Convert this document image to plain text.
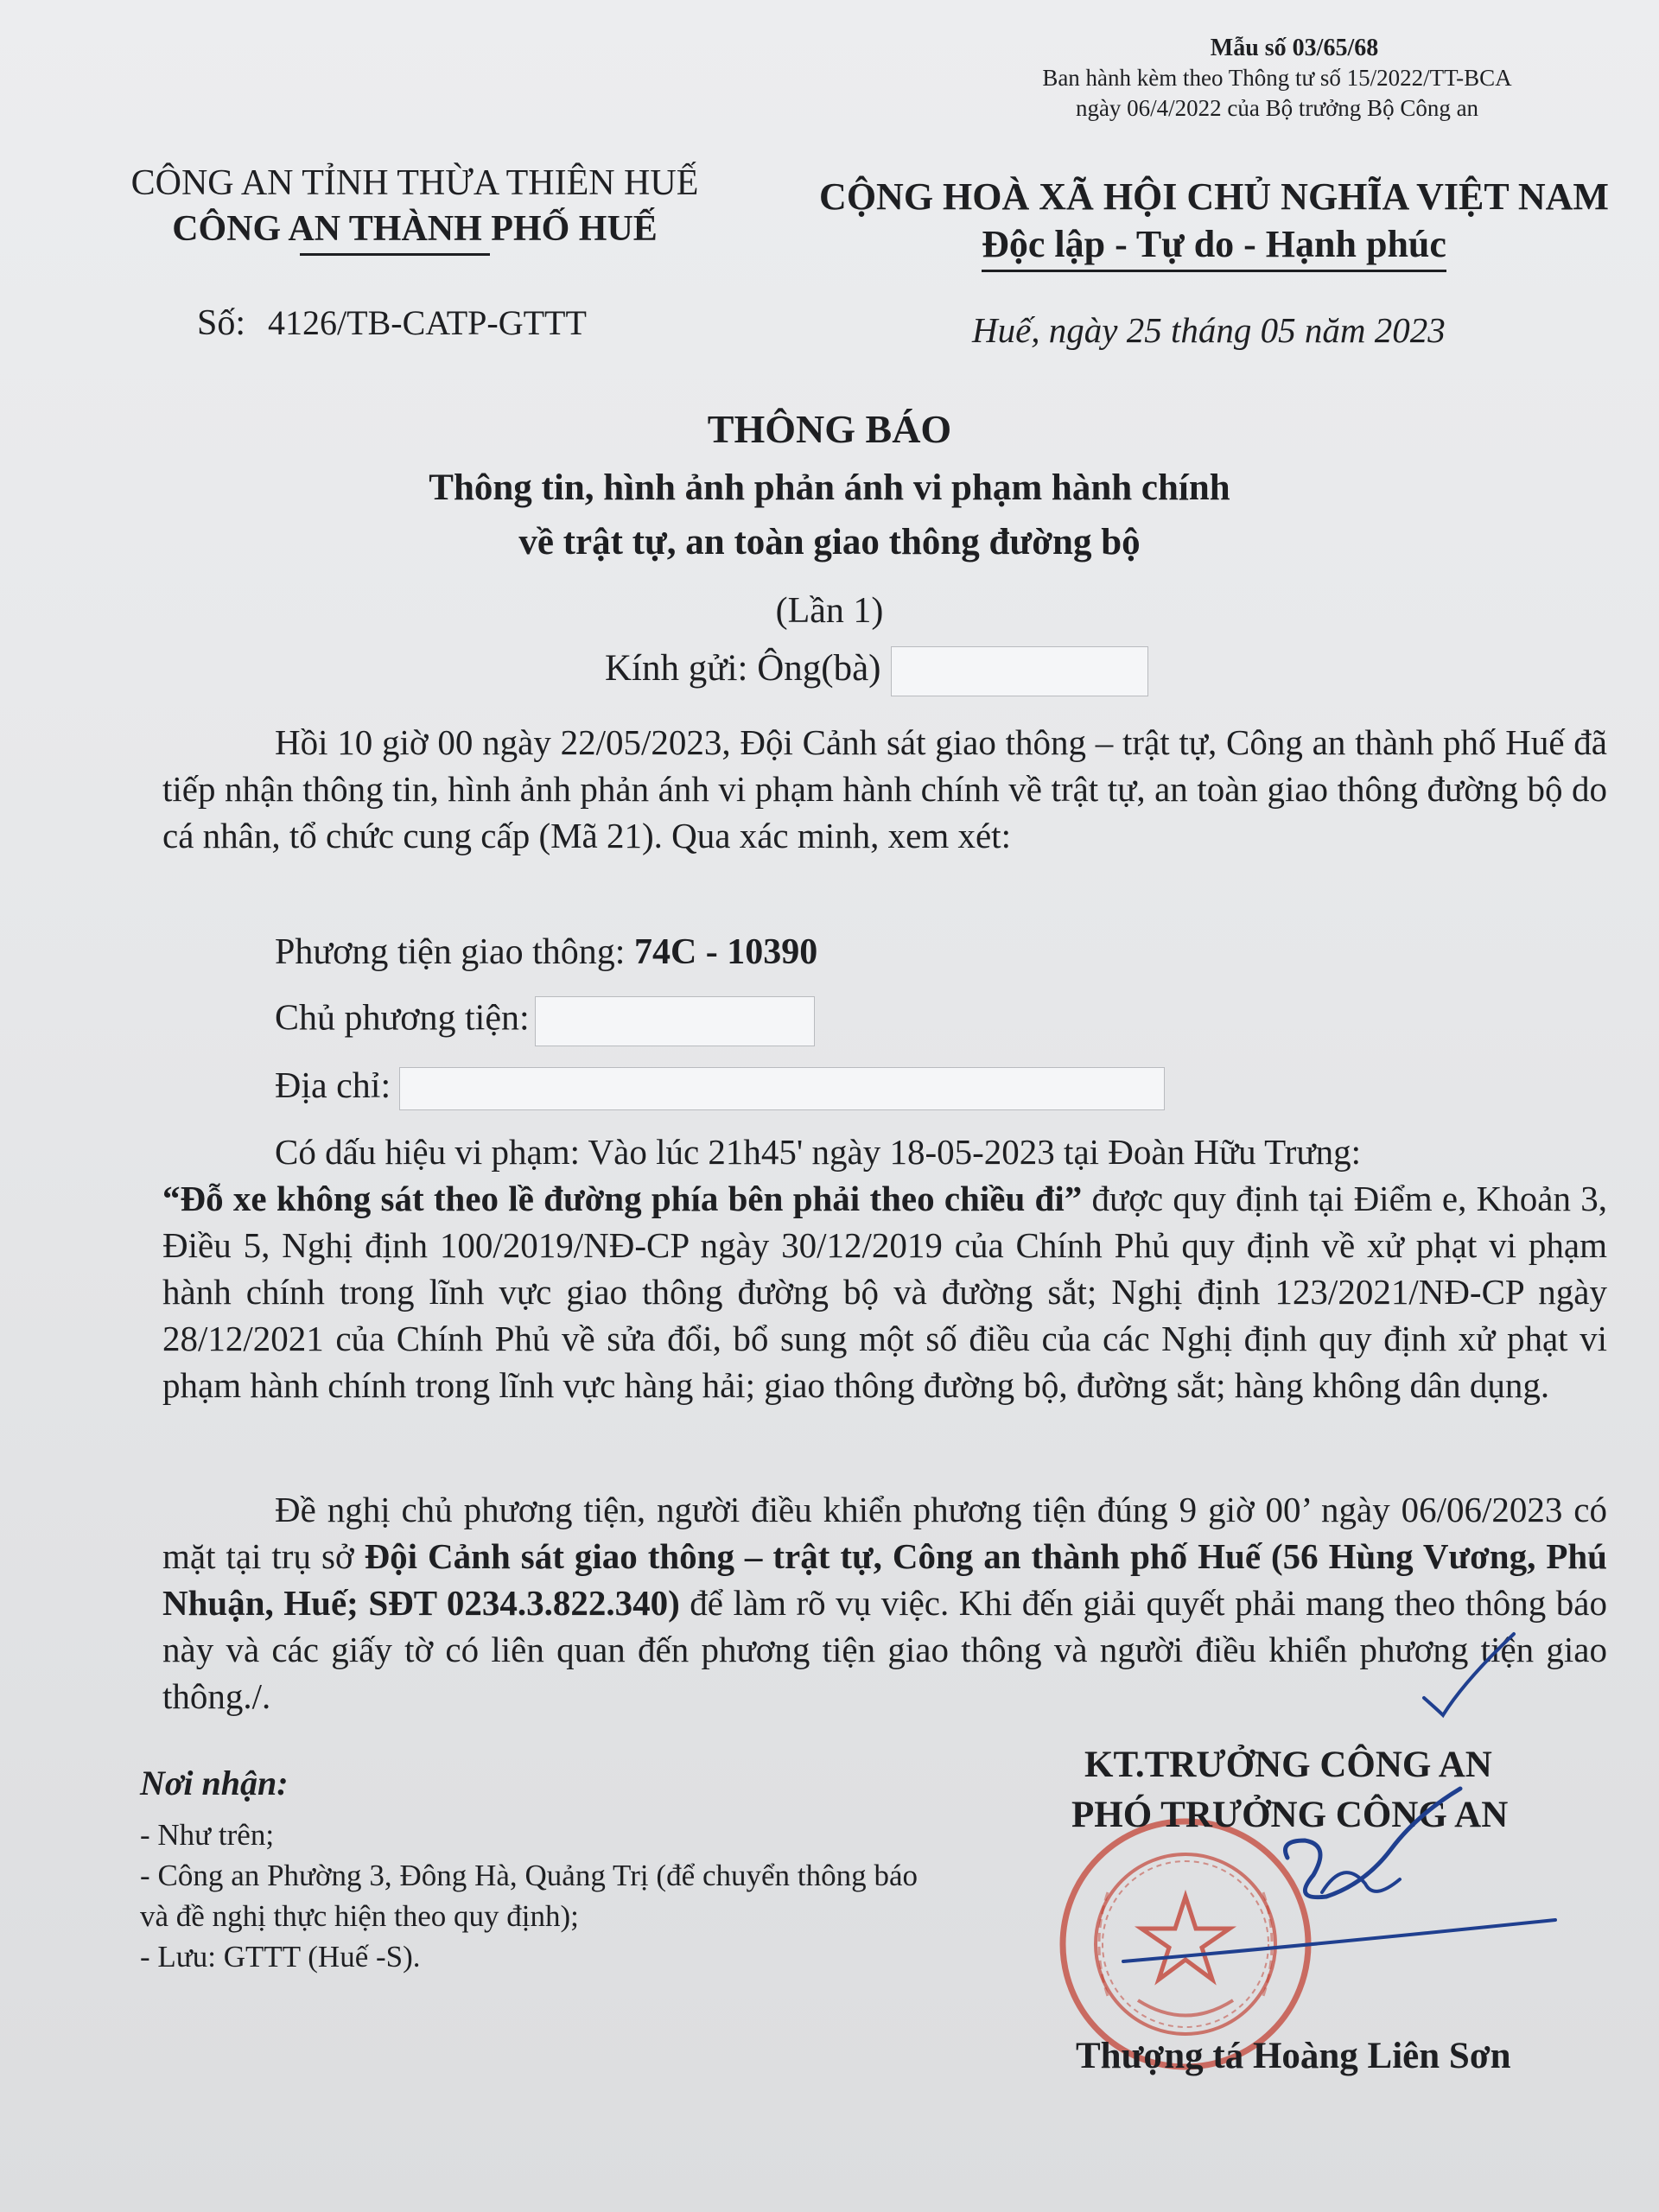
Mẫu số 03/65/68
Ban hành kèm theo Thông tư số 15/2022/TT-BCA
ngày 06/4/2022 của Bộ trưởng Bộ Công an
CÔNG AN TỈNH THỪA THIÊN HUẾ
CÔNG AN THÀNH PHỐ HUẾ
CỘNG HOÀ XÃ HỘI CHỦ NGHĨA VIỆT NAM
Độc lập - Tự do - Hạnh phúc
Số: 4126/TB-CATP-GTTT	Huế, ngày 25 tháng 05 năm 2023
THÔNG BÁO
Thông tin, hình ảnh phản ánh vi phạm hành chính
về trật tự, an toàn giao thông đường bộ
(Lần 1)
Kính gửi: Ông(bà)
Hồi 10 giờ 00 ngày 22/05/2023, Đội Cảnh sát giao thông – trật tự, Công an thành phố Huế đã tiếp nhận thông tin, hình ảnh phản ánh vi phạm hành chính về trật tự, an toàn giao thông đường bộ do cá nhân, tổ chức cung cấp (Mã 21). Qua xác minh, xem xét:
Phương tiện giao thông: 74C - 10390
Chủ phương tiện:
Địa chỉ:
Có dấu hiệu vi phạm: Vào lúc 21h45' ngày 18-05-2023 tại Đoàn Hữu Trưng:
“Đỗ xe không sát theo lề đường phía bên phải theo chiều đi” được quy định tại Điểm e, Khoản 3, Điều 5, Nghị định 100/2019/NĐ-CP ngày 30/12/2019 của Chính Phủ quy định về xử phạt vi phạm hành chính trong lĩnh vực giao thông đường bộ và đường sắt; Nghị định 123/2021/NĐ-CP ngày 28/12/2021 của Chính Phủ về sửa đổi, bổ sung một số điều của các Nghị định quy định xử phạt vi phạm hành chính trong lĩnh vực hàng hải; giao thông đường bộ, đường sắt; hàng không dân dụng.
Đề nghị chủ phương tiện, người điều khiển phương tiện đúng 9 giờ 00’ ngày 06/06/2023 có mặt tại trụ sở Đội Cảnh sát giao thông – trật tự, Công an thành phố Huế (56 Hùng Vương, Phú Nhuận, Huế; SĐT 0234.3.822.340) để làm rõ vụ việc. Khi đến giải quyết phải mang theo thông báo này và các giấy tờ có liên quan đến phương tiện giao thông và người điều khiển phương tiện giao thông./.
Nơi nhận:
- Như trên;
- Công an Phường 3, Đông Hà, Quảng Trị (để chuyển thông báo và đề nghị thực hiện theo quy định);
- Lưu: GTTT (Huế -S).
KT.TRƯỞNG CÔNG AN
PHÓ TRƯỞNG CÔNG AN
Thượng tá Hoàng Liên Sơn
